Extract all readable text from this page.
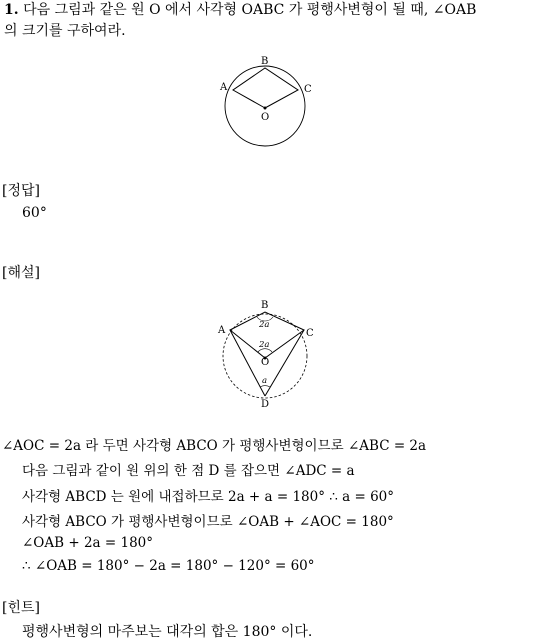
1. 다음 그림과 같은 원 O 에서 사각형 OABC 가 평행사변형이 될 때, ∠OAB
의 크기를 구하여라.
B
A	C
O
[정답]
60°
[해설]
B
A	C
O
D
2a
2a
a
∠AOC = 2a 라 두면 사각형 ABCO 가 평행사변형이므로 ∠ABC = 2a
다음 그림과 같이 원 위의 한 점 D 를 잡으면 ∠ADC = a
사각형 ABCD 는 원에 내접하므로 2a + a = 180° ∴ a = 60°
사각형 ABCO 가 평행사변형이므로 ∠OAB + ∠AOC = 180°
∠OAB + 2a = 180°
∴ ∠OAB = 180° − 2a = 180° − 120° = 60°
[힌트]
평행사변형의 마주보는 대각의 합은 180° 이다.
